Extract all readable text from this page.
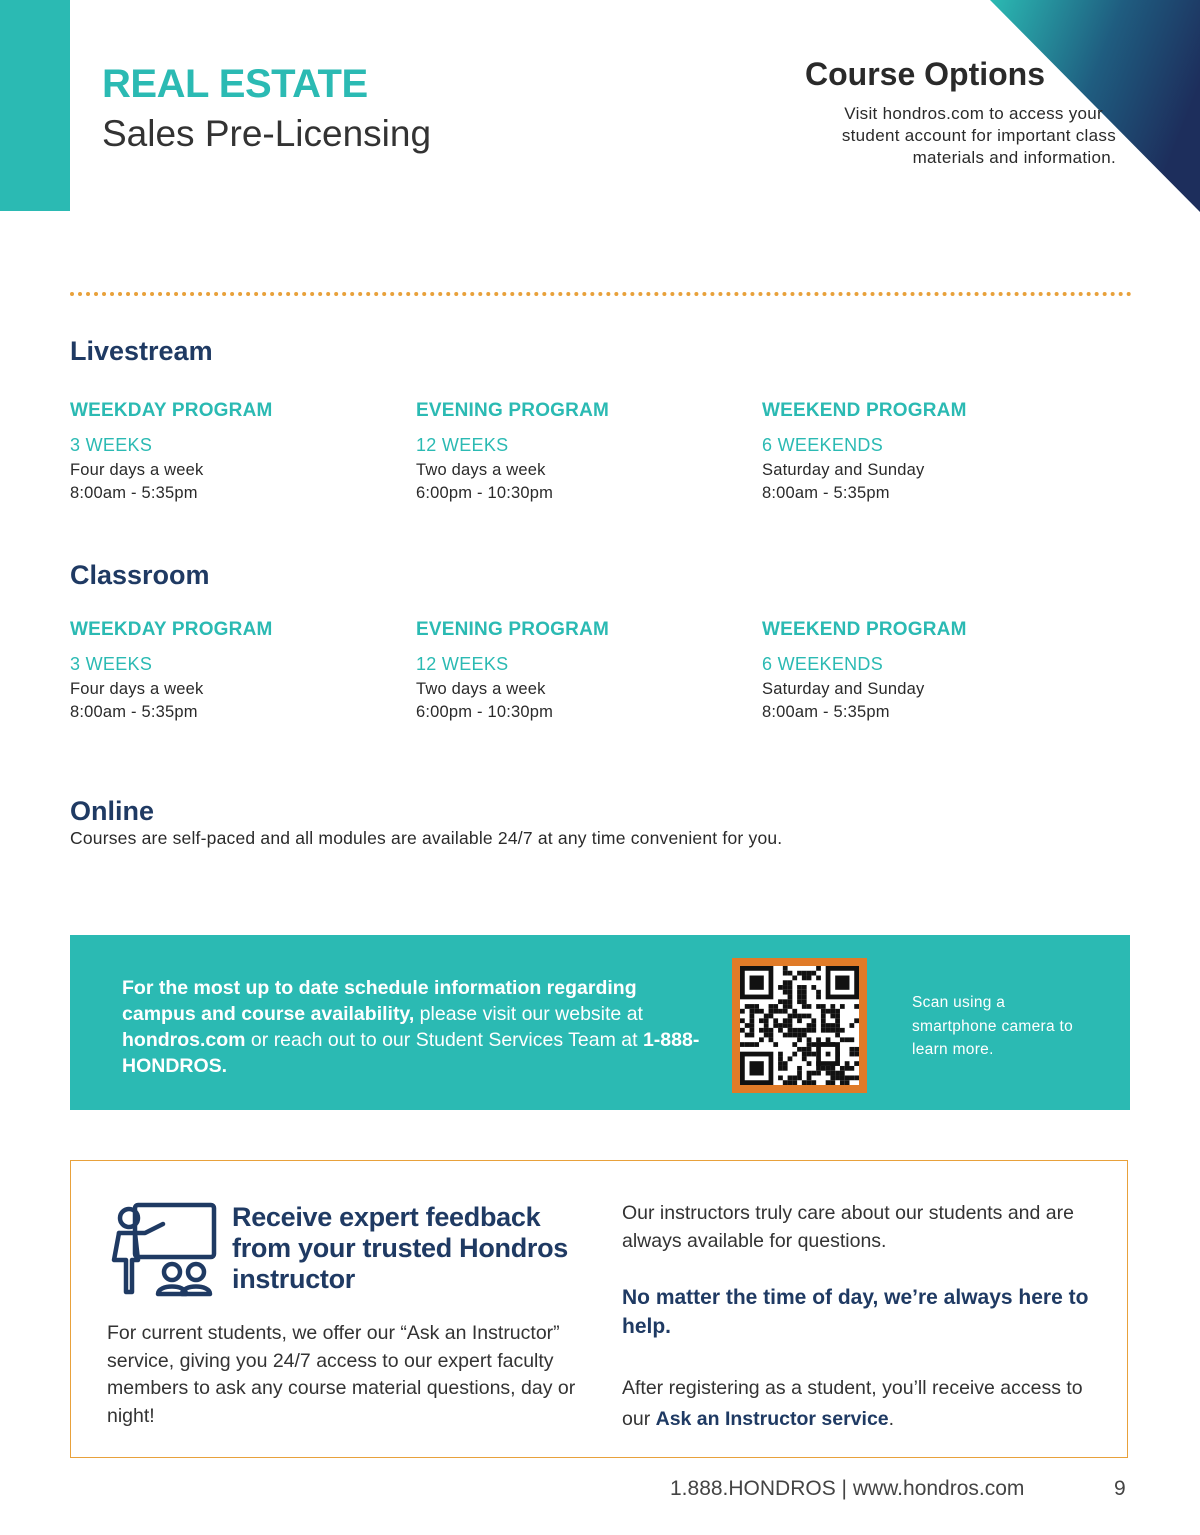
REAL ESTATE
Sales Pre-Licensing
Course Options
Visit hondros.com to access your
student account for important class
materials and information.
Livestream
WEEKDAY PROGRAM
3 WEEKS
Four days a week
8:00am - 5:35pm
EVENING PROGRAM
12 WEEKS
Two days a week
6:00pm - 10:30pm
WEEKEND PROGRAM
6 WEEKENDS
Saturday and Sunday
8:00am - 5:35pm
Classroom
WEEKDAY PROGRAM
3 WEEKS
Four days a week
8:00am - 5:35pm
EVENING PROGRAM
12 WEEKS
Two days a week
6:00pm - 10:30pm
WEEKEND PROGRAM
6 WEEKENDS
Saturday and Sunday
8:00am - 5:35pm
Online
Courses are self-paced and all modules are available 24/7 at any time convenient for you.
For the most up to date schedule information regarding campus and course availability, please visit our website at hondros.com or reach out to our Student Services Team at 1-888-HONDROS.
Scan using a smartphone camera to learn more.
Receive expert feedback from your trusted Hondros instructor
For current students, we offer our “Ask an Instructor” service, giving you 24/7 access to our expert faculty members to ask any course material questions, day or night!
Our instructors truly care about our students and are always available for questions.
No matter the time of day, we’re always here to help.
After registering as a student, you’ll receive access to our Ask an Instructor service.
1.888.HONDROS | www.hondros.com	9
